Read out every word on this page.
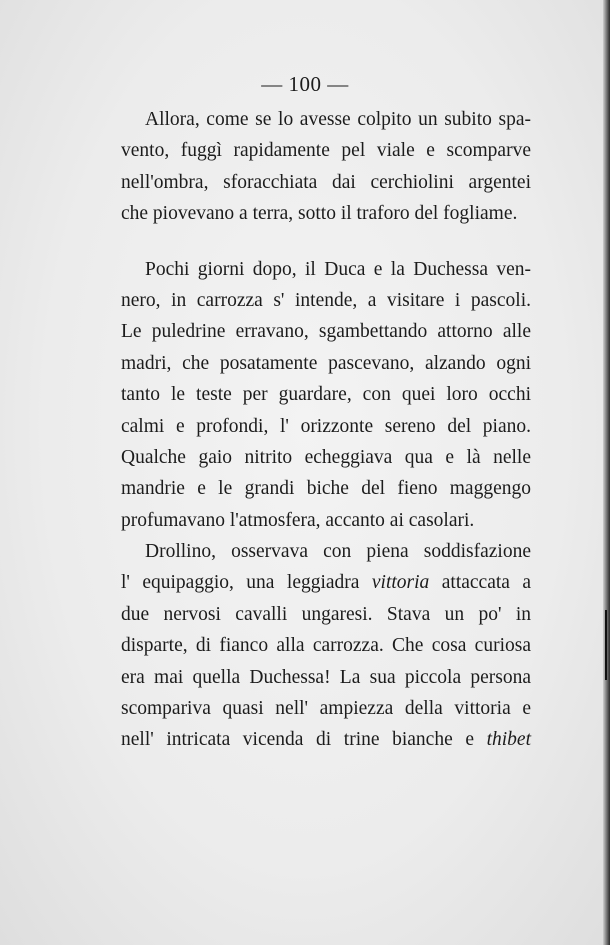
— 100 —
Allora, come se lo avesse colpito un subito spa-
vento, fuggì rapidamente pel viale e scomparve
nell'ombra, sforacchiata dai cerchiolini argentei
che piovevano a terra, sotto il traforo del fogliame.
Pochi giorni dopo, il Duca e la Duchessa ven-
nero, in carrozza s' intende, a visitare i pascoli.
Le puledrine erravano, sgambettando attorno alle
madri, che posatamente pascevano, alzando ogni
tanto le teste per guardare, con quei loro occhi
calmi e profondi, l' orizzonte sereno del piano.
Qualche gaio nitrito echeggiava qua e là nelle
mandrie e le grandi biche del fieno maggengo
profumavano l'atmosfera, accanto ai casolari.
Drollino, osservava con piena soddisfazione
l' equipaggio, una leggiadra vittoria attaccata a
due nervosi cavalli ungaresi. Stava un po' in
disparte, di fianco alla carrozza. Che cosa curiosa
era mai quella Duchessa! La sua piccola persona
scompariva quasi nell' ampiezza della vittoria e
nell' intricata vicenda di trine bianche e thibet
